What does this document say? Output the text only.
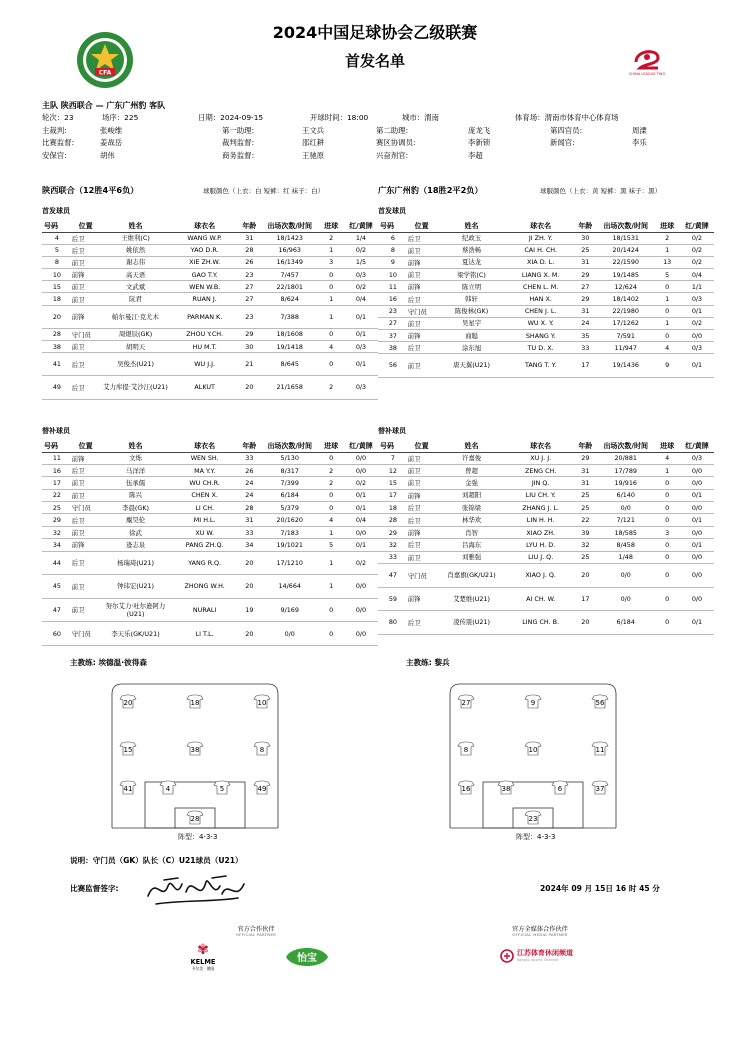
2024中国足球协会乙级联赛
首发名单
CFA	CHINA LEAGUE TWO
主队 陕西联合 — 广东广州豹 客队
轮次：23	场序：225	日期：2024-09-15	开球时间：18:00	城市：渭南	体育场：渭南市体育中心体育场
主裁判:	张峻维	第一助理:	王文兵	第二助理:	庞龙飞	第四官员:	周溧
比赛监督:	姜战岳	裁判监督:	邵红耕	赛区协调员:	李新锁	新闻官:	李乐
安保官:	胡伟	商务监督:	王驰原	兴奋剂官:	李超
陕西联合（12胜4平6负）	球服颜色（上衣：白 短裤：红 袜子：白）	广东广州豹（18胜2平2负）	球服颜色（上衣：黄 短裤：黑 袜子：黑）
首发球员	首发球员
号码	位置	姓名	球衣名	年龄	出场次数/时间	进球	红/黄牌
4	后卫	王维利(C)	WANG W.P.	31	18/1423	2	1/4
5	后卫	姚依然	YAO D.R.	28	16/963	1	0/2
8	前卫	谢志伟	XIE ZH.W.	26	16/1349	3	1/5
10	前锋	高天语	GAO T.Y.	23	7/457	0	0/3
15	前卫	文武斌	WEN W.B.	27	22/1801	0	0/2
18	前卫	阮君	RUAN J.	27	8/624	1	0/4
20	前锋	帕尔曼江·克尤木	PARMAN K.	23	7/388	1	0/1
28	守门员	周煜辰(GK)	ZHOU Y.CH.	29	18/1608	0	0/1
38	前卫	胡明天	HU M.T.	30	19/1418	4	0/3
41	后卫	吴俊杰(U21)	WU J.J.	21	8/645	0	0/1
49	后卫	艾力库提·艾沙江(U21)	ALKUT	20	21/1658	2	0/3
号码	位置	姓名	球衣名	年龄	出场次数/时间	进球	红/黄牌
6	后卫	纪政玉	JI ZH. Y.	30	18/1531	2	0/2
8	前卫	蔡浩畅	CAI H. CH.	25	20/1424	1	0/2
9	前锋	夏达龙	XIA D. L.	31	22/1590	13	0/2
10	前卫	梁学铭(C)	LIANG X. M.	29	19/1485	5	0/4
11	前锋	陈立明	CHEN L. M.	27	12/624	0	1/1
16	后卫	韩轩	HAN X.	29	18/1402	1	0/3
23	守门员	陈俊林(GK)	CHEN J. L.	31	22/1980	0	0/1
27	前卫	吴星宇	WU X. Y.	24	17/1262	1	0/2
37	前锋	商聪	SHANG Y.	35	7/591	0	0/0
38	后卫	涂东旭	TU D. X.	33	11/947	4	0/3
56	前卫	唐天翼(U21)	TANG T. Y.	17	19/1436	9	0/1
替补球员	替补球员
号码	位置	姓名	球衣名	年龄	出场次数/时间	进球	红/黄牌
11	前锋	文烁	WEN SH.	33	5/130	0	0/0
16	后卫	马洋洋	MA Y.Y.	26	8/317	2	0/0
17	前卫	伍承儒	WU CH.R.	24	7/399	2	0/2
22	前卫	陈兴	CHEN X.	24	6/184	0	0/1
25	守门员	李晨(GK)	LI CH.	28	5/379	0	0/1
29	后卫	麋昊伦	MI H.L.	31	20/1620	4	0/4
32	前卫	徐武	XU W.	33	7/183	1	0/0
34	前锋	逄志泉	PANG ZH.Q.	34	19/1021	5	0/1
44	后卫	杨瑞琦(U21)	YANG R.Q.	20	17/1210	1	0/2
45	前卫	钟玮宏(U21)	ZHONG W.H.	20	14/664	1	0/0
47	前卫	努尔艾力·吐尔逊阿力(U21)	NURALI	19	9/169	0	0/0
60	守门员	李天乐(GK/U21)	LI T.L.	20	0/0	0	0/0
号码	位置	姓名	球衣名	年龄	出场次数/时间	进球	红/黄牌
7	前卫	许嘉俊	XU J. J.	29	20/881	4	0/3
12	前卫	曾超	ZENG CH.	31	17/789	1	0/0
15	前卫	金强	JIN Q.	31	19/916	0	0/0
17	前锋	刘超阳	LIU CH. Y.	25	6/140	0	0/1
18	后卫	张锦梁	ZHANG J. L.	25	0/0	0	0/0
28	后卫	林华欢	LIN H. H.	22	7/121	0	0/1
29	前锋	肖智	XIAO ZH.	39	18/585	3	0/0
32	后卫	吕海东	LYU H. D.	32	8/458	0	0/1
33	前卫	刘雅强	LIU J. Q.	25	1/48	0	0/0
47	守门员	肖嘉旗(GK/U21)	XIAO J. Q.	20	0/0	0	0/0
59	前锋	艾楚维(U21)	AI CH. W.	17	0/0	0	0/0
80	后卫	凌传震(U21)	LING CH. B.	20	6/184	0	0/1
主教练: 埃德温·彼得森	主教练: 黎兵
20	18	10
15	38	8
41	4	5	49
28
27	9	56
8	10	11
16	38	6	37
23
阵型：4-3-3	阵型：4-3-3
说明：守门员（GK）队长（C）U21球员（U21）
比赛监督签字:	2024年 09 月 15日 16 时 45 分
官方合作伙伴
OFFICIAL PARTNER
官方全媒体合作伙伴
OFFICIAL MEDIA PARTNER
✾
KELME
卡尔美 · 德国
怡宝	江苏体育休闲频道
Jiangsu Sports Channel
